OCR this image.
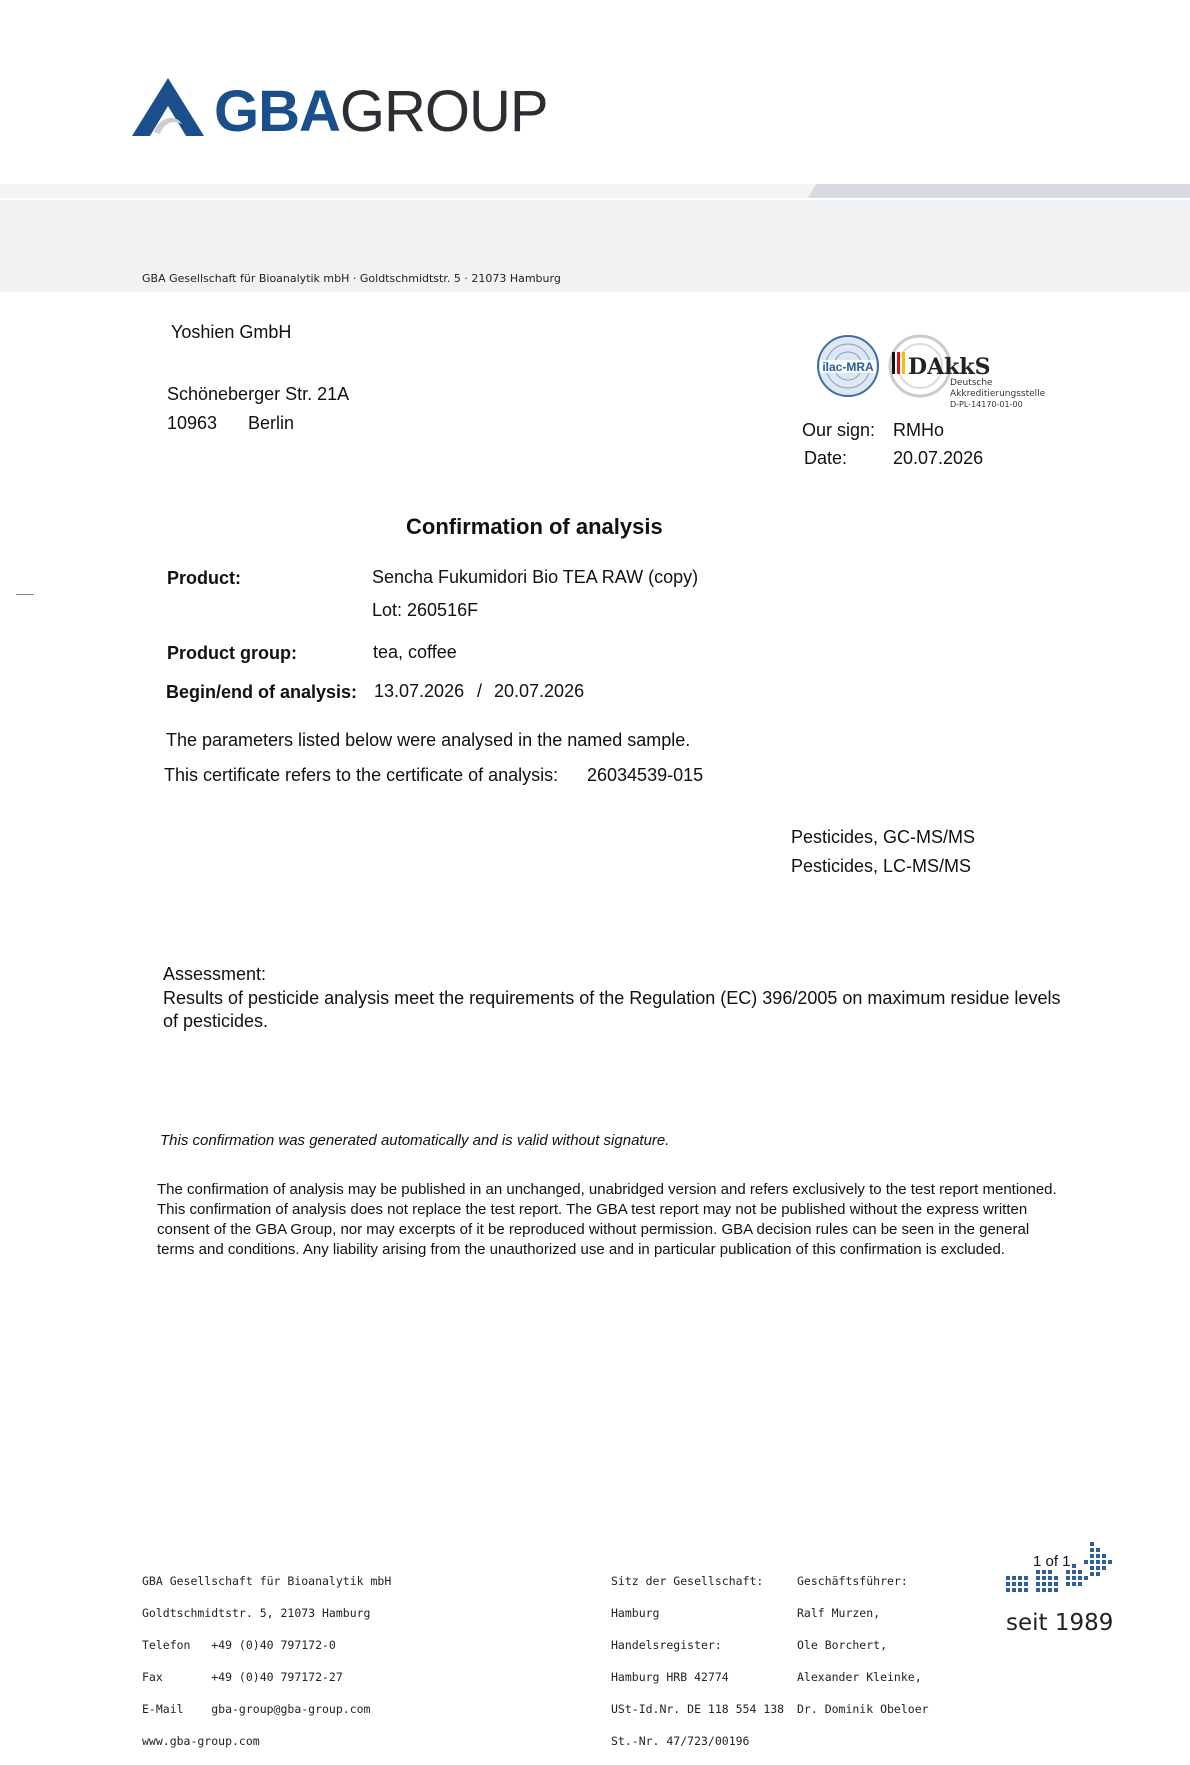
GBAGROUP
GBA Gesellschaft für Bioanalytik mbH · Goldtschmidtstr. 5 · 21073 Hamburg
Yoshien GmbH
Schöneberger Str. 21A
10963 Berlin
ilac-MRA DAkkS
Deutsche
Akkreditierungsstelle
D-PL-14170-01-00
Our sign: RMHo
Date:	20.07.2026
Confirmation of analysis
Product:	Sencha Fukumidori Bio TEA RAW (copy)
Lot: 260516F
Product group:	tea, coffee
Begin/end of analysis: 13.07.2026 / 20.07.2026
The parameters listed below were analysed in the named sample.
This certificate refers to the certificate of analysis: 26034539-015
Pesticides, GC-MS/MS
Pesticides, LC-MS/MS
Assessment:
Results of pesticide analysis meet the requirements of the Regulation (EC) 396/2005 on maximum residue levels
of pesticides.
This confirmation was generated automatically and is valid without signature.
The confirmation of analysis may be published in an unchanged, unabridged version and refers exclusively to the test report mentioned. This confirmation of analysis does not replace the test report. The GBA test report may not be published without the express written consent of the GBA Group, nor may excerpts of it be reproduced without permission. GBA decision rules can be seen in the general terms and conditions. Any liability arising from the unauthorized use and in particular publication of this confirmation is excluded.

GBA Gesellschaft für Bioanalytik mbH

Goldtschmidtstr. 5, 21073 Hamburg

Telefon   +49 (0)40 797172-0

Fax       +49 (0)40 797172-27

E-Mail    gba-group@gba-group.com

www.gba-group.com

Sitz der Gesellschaft:

Hamburg

Handelsregister:

Hamburg HRB 42774

USt-Id.Nr. DE 118 554 138

St.-Nr. 47/723/00196

Geschäftsführer:

Ralf Murzen,

Ole Borchert,

Alexander Kleinke,

Dr. Dominik Obeloer

1 of 1
seit 1989
